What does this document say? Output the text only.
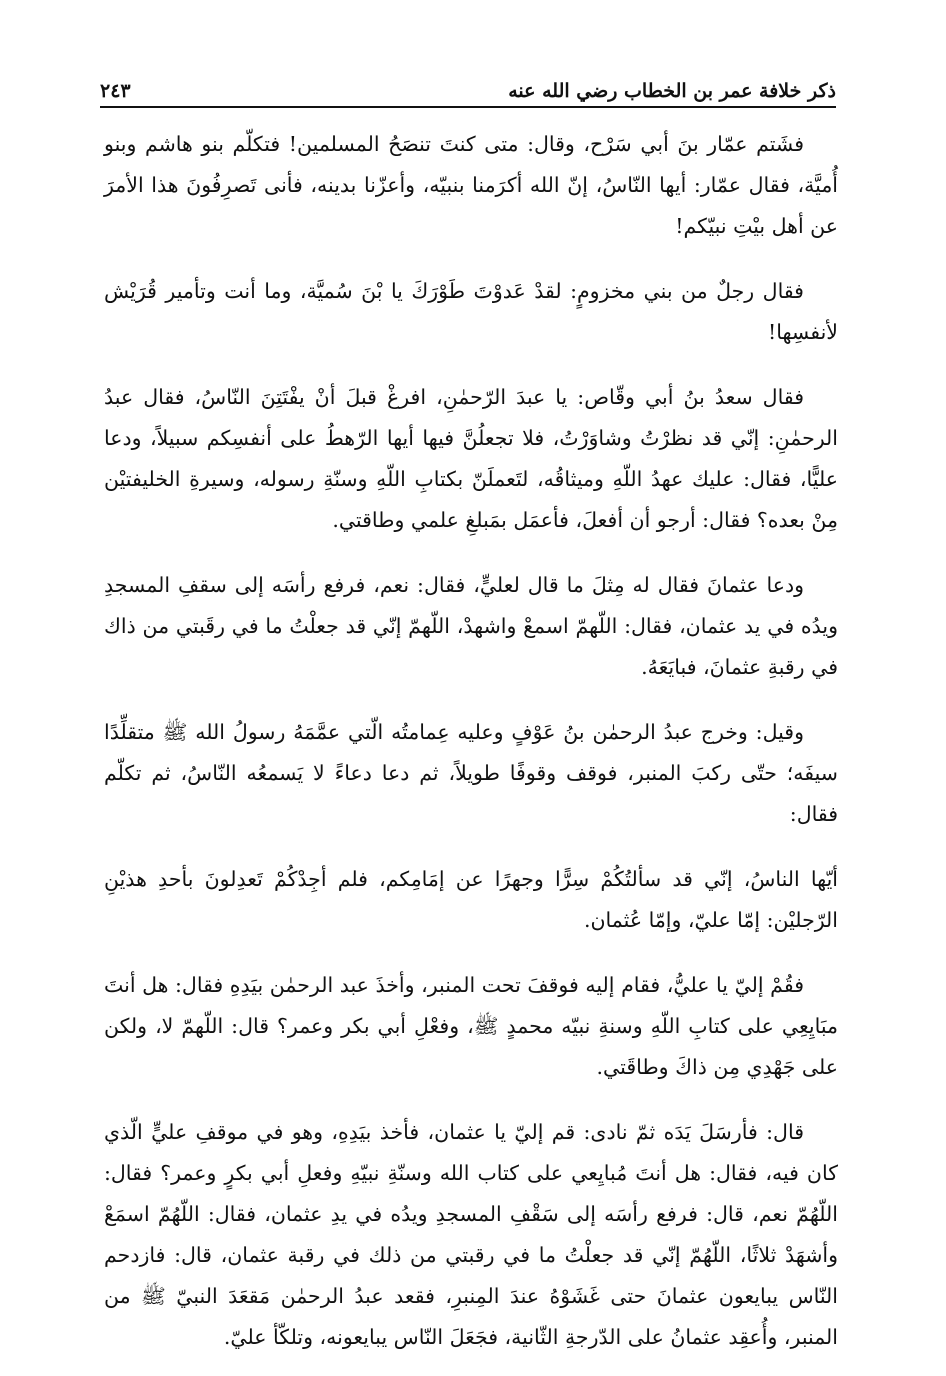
ذكر خلافة عمر بن الخطاب رضي الله عنه
٢٤٣

فشَتم عمّار بنَ أبي سَرْح، وقال: متى كنتَ تنصَحُ المسلمين! فتكلّم بنو هاشم وبنو أُميَّة، فقال عمّار: أيها النّاسُ، إنّ الله أكرَمنا بنبيّه، وأعزّنا بدينه، فأنى تَصرِفُونَ هذا الأمرَ عن أهل بيْتِ نبيّكم!

فقال رجلٌ من بني مخزومٍ: لقدْ عَدوْتَ طَوْرَكَ يا بْنَ سُميَّة، وما أنت وتأمير قُرَيْش لأنفسِها!

فقال سعدُ بنُ أبي وقّاص: يا عبدَ الرّحمٰنِ، افرغْ قبلَ أنْ يفْتَتِنَ النّاسُ، فقال عبدُ الرحمٰنِ: إنّي قد نظرْتُ وشاوَرْتُ، فلا تجعلُنَّ فيها أيها الرّهطُ على أنفسِكم سبيلاً، ودعا عليًّا، فقال: عليك عهدُ اللّهِ وميثاقُه، لتَعملَنّ بكتابِ اللّهِ وسنّةِ رسوله، وسيرةِ الخليفتيْن مِنْ بعده؟ فقال: أرجو أن أفعلَ، فأعمَل بمَبلغِ علمي وطاقتي.

ودعا عثمانَ فقال له مِثلَ ما قال لعليٍّ، فقال: نعم، فرفع رأسَه إلى سقفِ المسجدِ ويدُه في يد عثمان، فقال: اللّهمّ اسمعْ واشهدْ، اللّهمّ إنّي قد جعلْتُ ما في رقَبتي من ذاك في رقبةِ عثمانَ، فبايَعَهُ.

وقيل: وخرج عبدُ الرحمٰن بنُ عَوْفٍ وعليه عِمامتُه الّتي عمَّمَهُ رسولُ الله ﷺ متقلِّدًا سيفَه؛ حتّى ركبَ المنبر، فوقف وقوفًا طويلاً، ثم دعا دعاءً لا يَسمعُه النّاسُ، ثم تكلّم فقال:

أيّها الناسُ، إنّي قد سألتُكُمْ سِرًّا وجهرًا عن إمَامِكم، فلم أجِدْكُمْ تَعدِلونَ بأحدِ هذيْنِ الرّجليْن: إمّا عليّ، وإمّا عُثمان.

فقُمْ إليّ يا عليُّ، فقام إليه فوقفَ تحت المنبر، وأخذَ عبد الرحمٰن بيَدِهِ فقال: هل أنتَ مبَايِعِي على كتابِ اللّهِ وسنةِ نبيّه محمدٍ ﷺ، وفعْلِ أبي بكر وعمر؟ قال: اللّهمّ لا، ولكن على جَهْدِي مِن ذاكَ وطاقَتي.

قال: فأرسَلَ يَدَه ثمّ نادى: قم إليّ يا عثمان، فأخذ بيَدِهِ، وهو في موقفِ عليٍّ الّذي كان فيه، فقال: هل أنتَ مُبايِعي على كتاب الله وسنّةِ نبيّهِ وفعلِ أبي بكرٍ وعمر؟ فقال: اللّهُمّ نعم، قال: فرفع رأسَه إلى سَقْفِ المسجدِ ويدُه في يدِ عثمان، فقال: اللّهُمّ اسمَعْ وأشهَدْ ثلاثًا، اللّهُمّ إنّي قد جعلْتُ ما في رقبتي من ذلك في رقبة عثمان، قال: فازدحم النّاس يبايعون عثمانَ حتى غَشَوْهُ عندَ المِنبرِ، فقعد عبدُ الرحمٰن مَقعَدَ النبيّ ﷺ من المنبر، وأُعقِد عثمانُ على الدّرجةِ الثّانية، فجَعَلَ النّاس يبايعونه، وتلكّأ عليّ.
